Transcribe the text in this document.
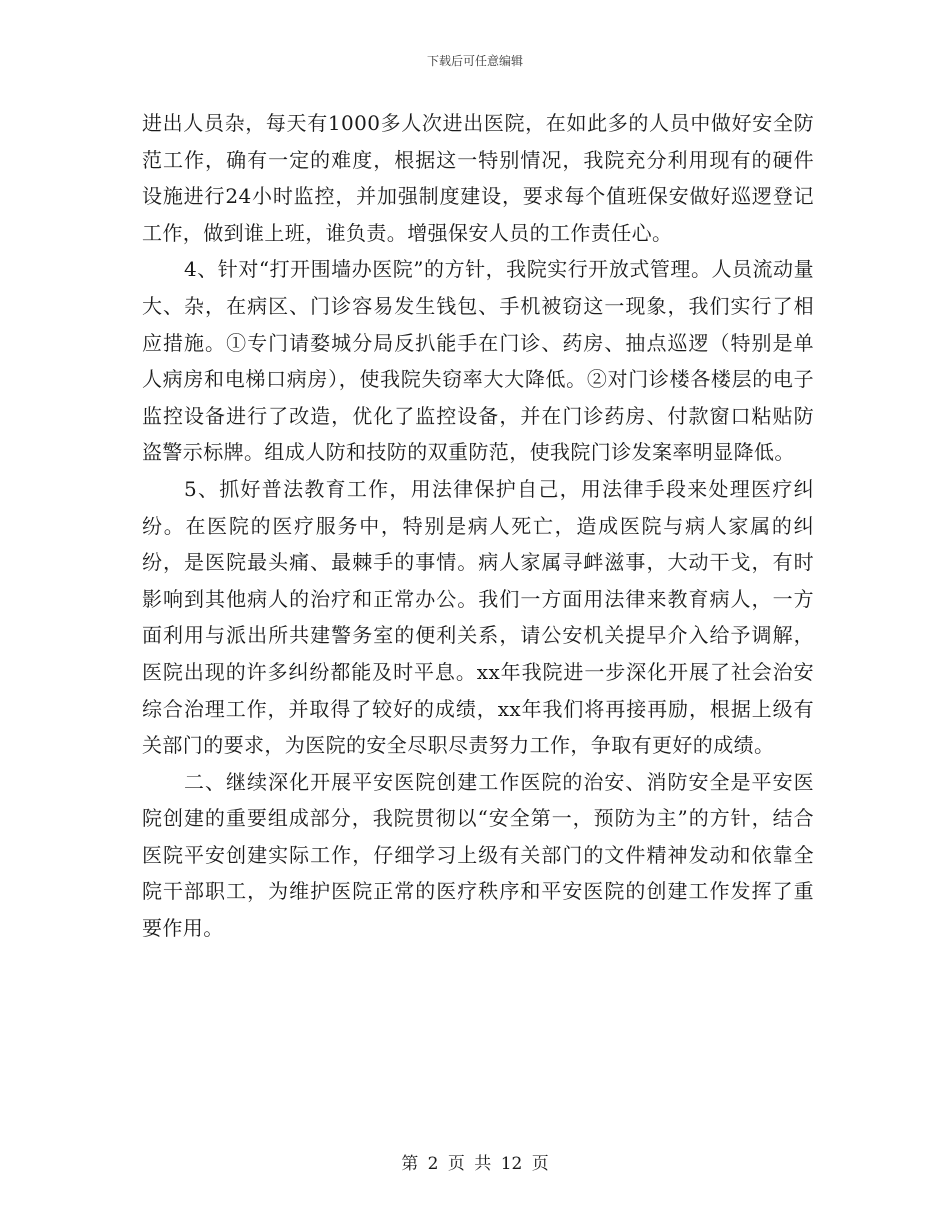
下载后可任意编辑

进出人员杂，每天有1000多人次进出医院，在如此多的人员中做好安全防范工作，确有一定的难度，根据这一特别情况，我院充分利用现有的硬件设施进行24小时监控，并加强制度建设，要求每个值班保安做好巡逻登记工作，做到谁上班，谁负责。增强保安人员的工作责任心。

4、针对“打开围墙办医院”的方针，我院实行开放式管理。人员流动量大、杂，在病区、门诊容易发生钱包、手机被窃这一现象，我们实行了相应措施。①专门请婺城分局反扒能手在门诊、药房、抽点巡逻（特别是单人病房和电梯口病房），使我院失窃率大大降低。②对门诊楼各楼层的电子监控设备进行了改造，优化了监控设备，并在门诊药房、付款窗口粘贴防盗警示标牌。组成人防和技防的双重防范，使我院门诊发案率明显降低。

5、抓好普法教育工作，用法律保护自己，用法律手段来处理医疗纠纷。在医院的医疗服务中，特别是病人死亡，造成医院与病人家属的纠纷，是医院最头痛、最棘手的事情。病人家属寻衅滋事，大动干戈，有时影响到其他病人的治疗和正常办公。我们一方面用法律来教育病人，一方面利用与派出所共建警务室的便利关系，请公安机关提早介入给予调解，医院出现的许多纠纷都能及时平息。xx年我院进一步深化开展了社会治安综合治理工作，并取得了较好的成绩，xx年我们将再接再励，根据上级有关部门的要求，为医院的安全尽职尽责努力工作，争取有更好的成绩。

二、继续深化开展平安医院创建工作医院的治安、消防安全是平安医院创建的重要组成部分，我院贯彻以“安全第一，预防为主”的方针，结合医院平安创建实际工作，仔细学习上级有关部门的文件精神发动和依靠全院干部职工，为维护医院正常的医疗秩序和平安医院的创建工作发挥了重要作用。

第 2 页 共 12 页
